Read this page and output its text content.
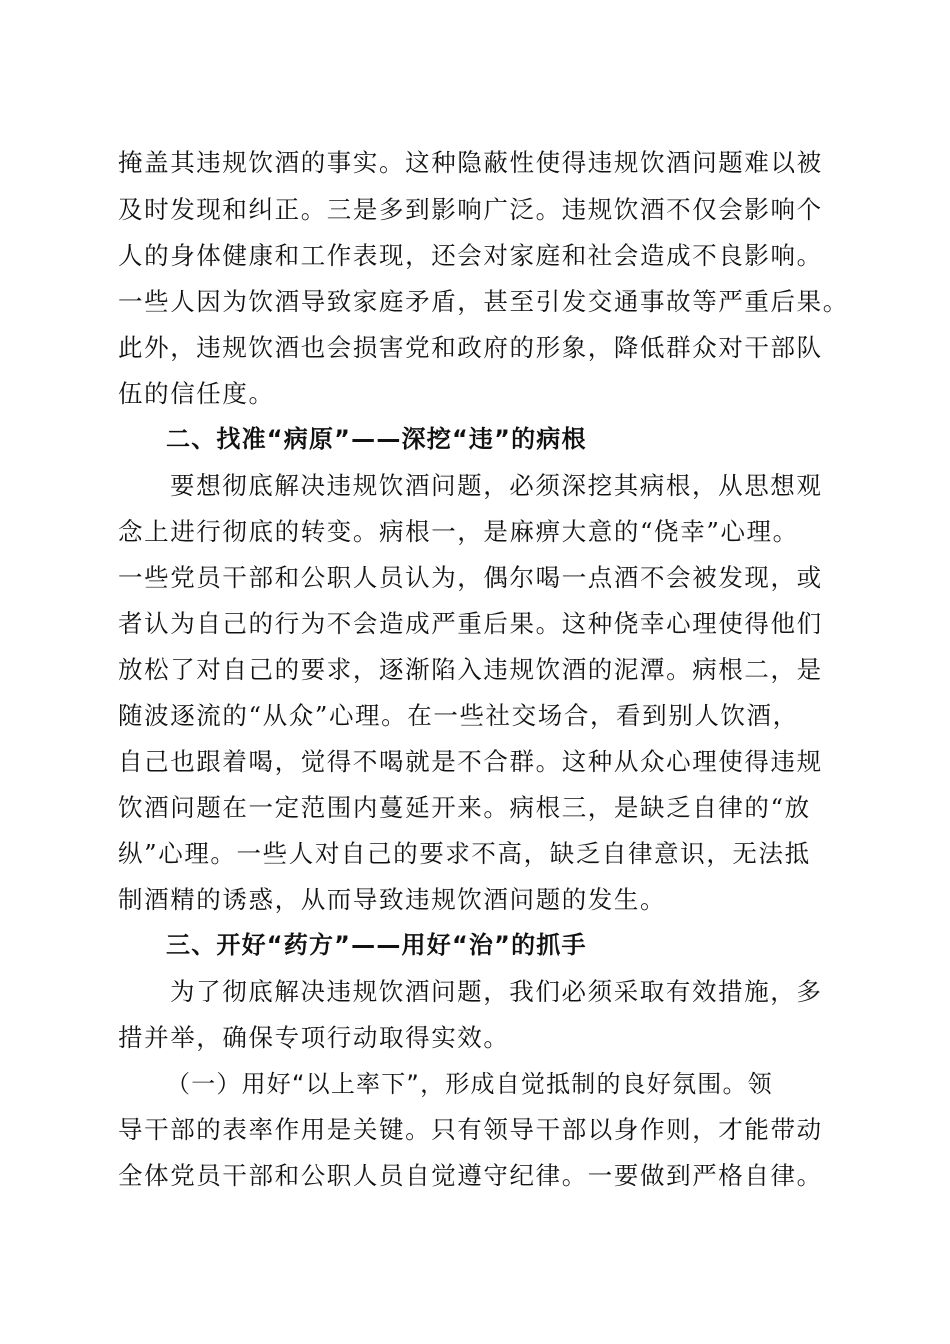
掩盖其违规饮酒的事实。这种隐蔽性使得违规饮酒问题难以被
及时发现和纠正。三是多到影响广泛。违规饮酒不仅会影响个
人的身体健康和工作表现，还会对家庭和社会造成不良影响。
一些人因为饮酒导致家庭矛盾，甚至引发交通事故等严重后果。
此外，违规饮酒也会损害党和政府的形象，降低群众对干部队
伍的信任度。
二、找准“病原”——深挖“违”的病根
要想彻底解决违规饮酒问题，必须深挖其病根，从思想观
念上进行彻底的转变。病根一，是麻痹大意的“侥幸”心理。
一些党员干部和公职人员认为，偶尔喝一点酒不会被发现，或
者认为自己的行为不会造成严重后果。这种侥幸心理使得他们
放松了对自己的要求，逐渐陷入违规饮酒的泥潭。病根二，是
随波逐流的“从众”心理。在一些社交场合，看到别人饮酒，
自己也跟着喝，觉得不喝就是不合群。这种从众心理使得违规
饮酒问题在一定范围内蔓延开来。病根三，是缺乏自律的“放
纵”心理。一些人对自己的要求不高，缺乏自律意识，无法抵
制酒精的诱惑，从而导致违规饮酒问题的发生。
三、开好“药方”——用好“治”的抓手
为了彻底解决违规饮酒问题，我们必须采取有效措施，多
措并举，确保专项行动取得实效。
（一）用好“以上率下”，形成自觉抵制的良好氛围。领
导干部的表率作用是关键。只有领导干部以身作则，才能带动
全体党员干部和公职人员自觉遵守纪律。一要做到严格自律。
